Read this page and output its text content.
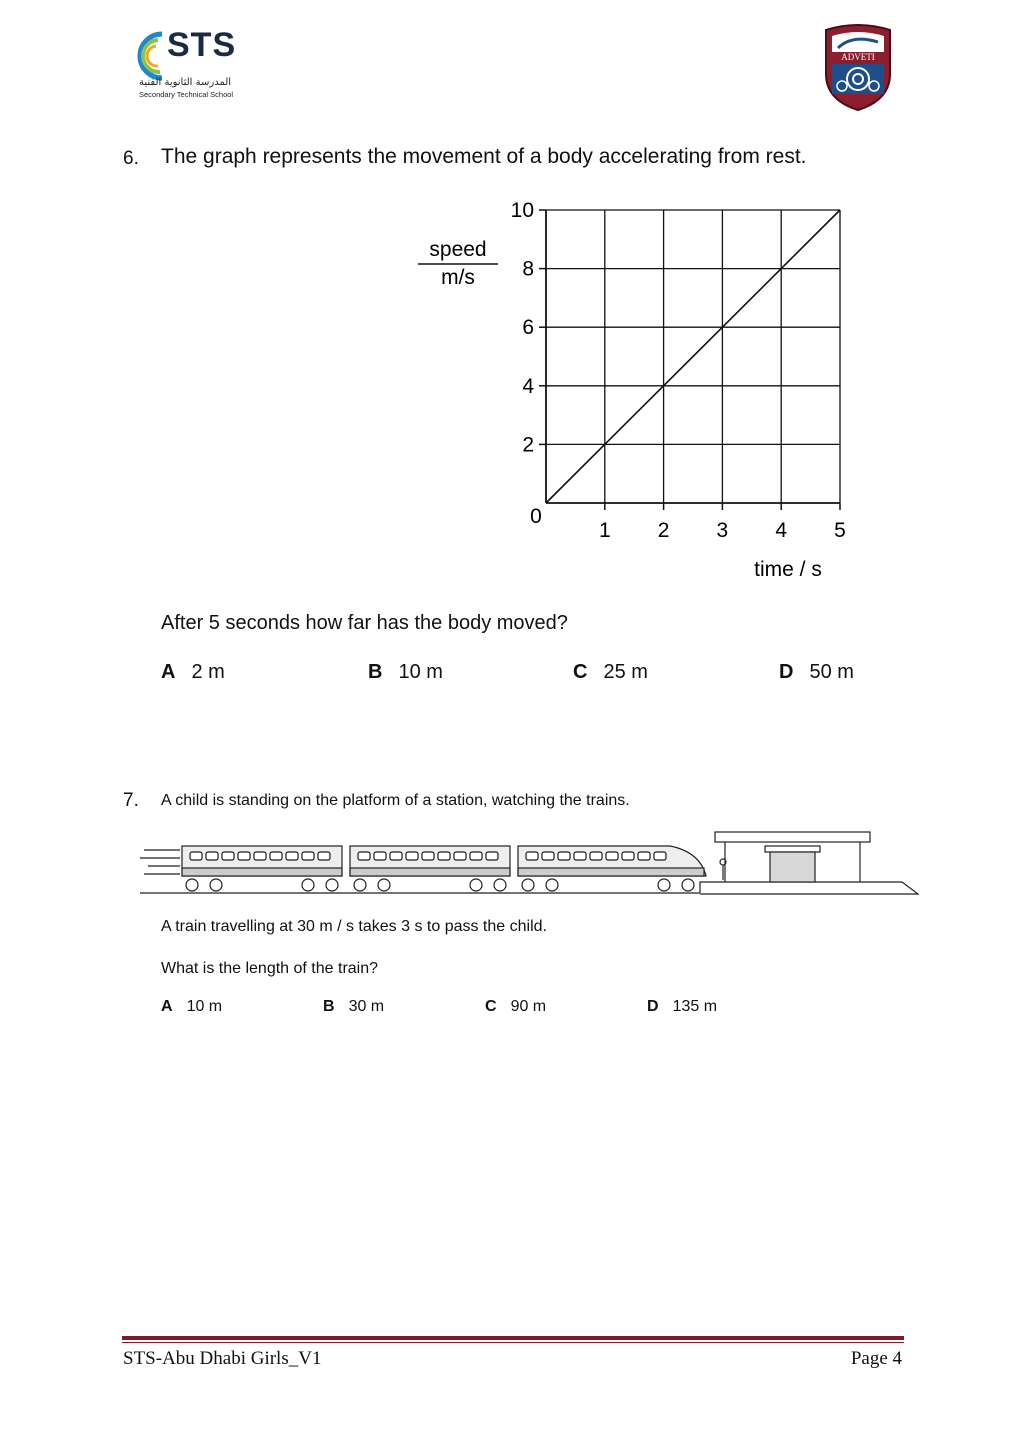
STS
المدرسة الثانوية الفنية
Secondary Technical School
ADVETI
6. The graph represents the movement of a body accelerating from rest.
0
2
4
6
8
10
1 2 3 4 5
speed
m/s
time / s
After 5 seconds how far has the body moved?
A 2 m	B 10 m	C 25 m	D 50 m
7. A child is standing on the platform of a station, watching the trains.
A train travelling at 30 m / s takes 3 s to pass the child.
What is the length of the train?
A 10 m	B 30 m	C 90 m	D 135 m
STS-Abu Dhabi Girls_V1	Page 4
